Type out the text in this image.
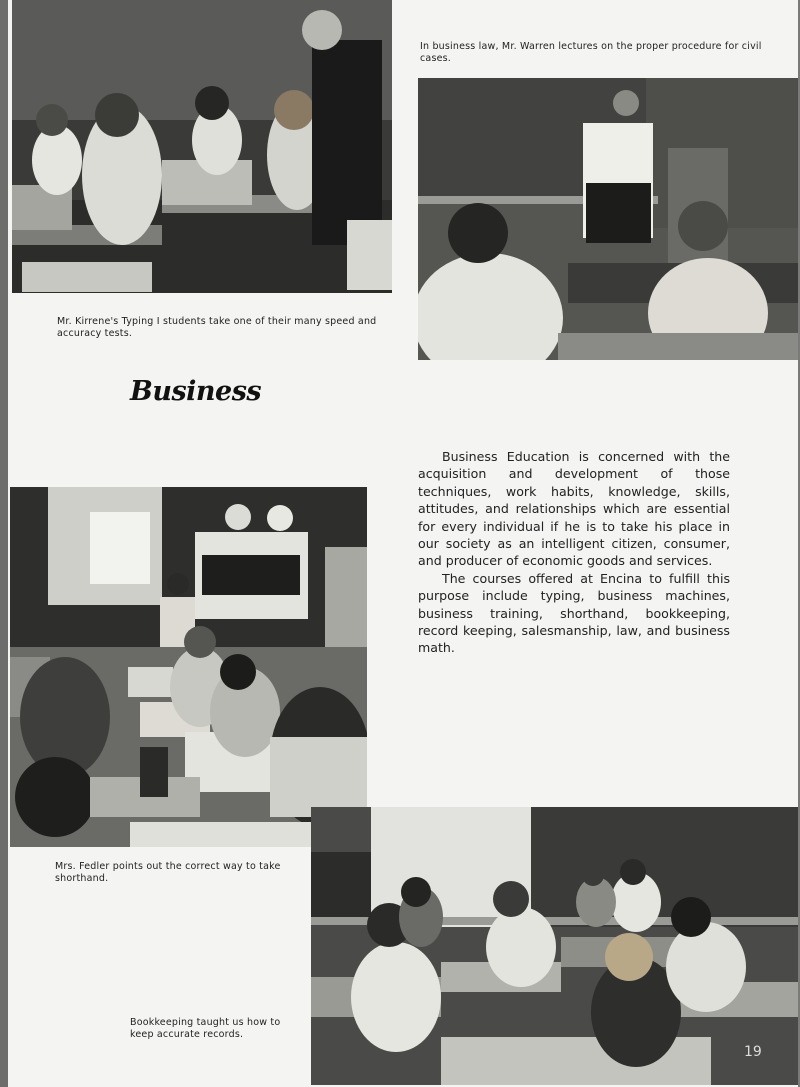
Mr. Kirrene's Typing I students take one of their many speed and accuracy tests.
In business law, Mr. Warren lectures on the proper procedure for civil cases.
Business

Business Education is concerned with the acquisition and development of those techniques, work habits, knowledge, skills, attitudes, and relationships which are essential for every individual if he is to take his place in our society as an intelligent citizen, consumer, and producer of economic goods and services.

The courses offered at Encina to fulfill this purpose include typing, business machines, business training, shorthand, bookkeeping, record keeping, salesmanship, law, and business math.

Mrs. Fedler points out the correct way to take shorthand.
Bookkeeping taught us how to keep accurate records.
19
